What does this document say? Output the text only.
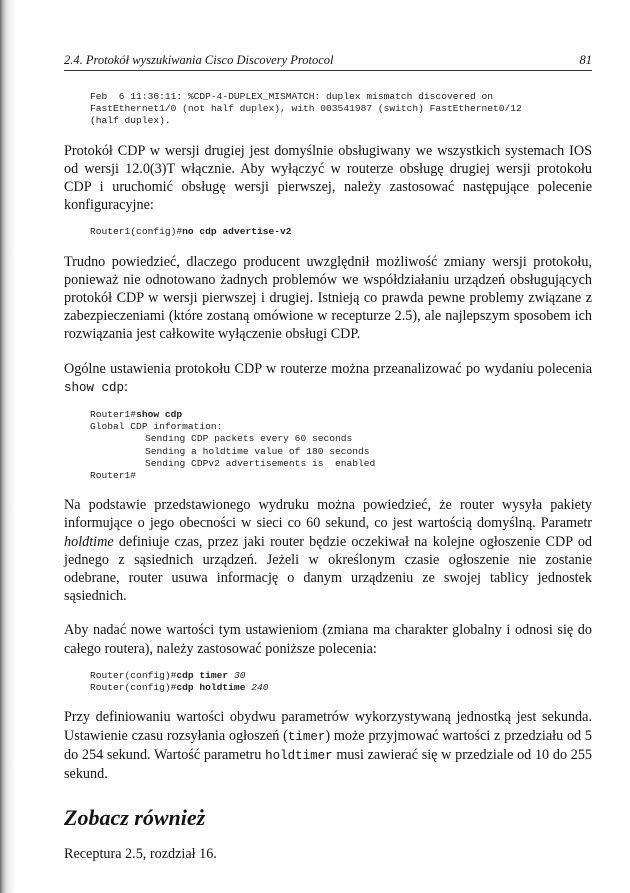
2.4. Protokół wyszukiwania Cisco Discovery Protocol	81
Feb  6 11:36:11: %CDP-4-DUPLEX_MISMATCH: duplex mismatch discovered on
FastEthernet1/0 (not half duplex), with 003541987 (switch) FastEthernet0/12
(half duplex).

Protokół CDP w wersji drugiej jest domyślnie obsługiwany we wszystkich systemach IOS od wersji 12.0(3)T włącznie. Aby wyłączyć w routerze obsługę drugiej wersji protokołu CDP i uruchomić obsługę wersji pierwszej, należy zastosować następujące polecenie konfiguracyjne:

Router1(config)#no cdp advertise-v2

Trudno powiedzieć, dlaczego producent uwzględnił możliwość zmiany wersji protokołu, ponieważ nie odnotowano żadnych problemów we współdziałaniu urządzeń obsługujących protokół CDP w wersji pierwszej i drugiej. Istnieją co prawda pewne problemy związane z zabezpieczeniami (które zostaną omówione w recepturze 2.5), ale najlepszym sposobem ich rozwiązania jest całkowite wyłączenie obsługi CDP.

Ogólne ustawienia protokołu CDP w routerze można przeanalizować po wydaniu polecenia show cdp:

Router1#show cdp
Global CDP information:
Sending CDP packets every 60 seconds
Sending a holdtime value of 180 seconds
Sending CDPv2 advertisements is  enabled
Router1#

Na podstawie przedstawionego wydruku można powiedzieć, że router wysyła pakiety informujące o jego obecności w sieci co 60 sekund, co jest wartością domyślną. Parametr holdtime definiuje czas, przez jaki router będzie oczekiwał na kolejne ogłoszenie CDP od jednego z sąsiednich urządzeń. Jeżeli w określonym czasie ogłoszenie nie zostanie odebrane, router usuwa informację o danym urządzeniu ze swojej tablicy jednostek sąsiednich.

Aby nadać nowe wartości tym ustawieniom (zmiana ma charakter globalny i odnosi się do całego routera), należy zastosować poniższe polecenia:

Router(config)#cdp timer 30
Router(config)#cdp holdtime 240

Przy definiowaniu wartości obydwu parametrów wykorzystywaną jednostką jest sekunda. Ustawienie czasu rozsyłania ogłoszeń (timer) może przyjmować wartości z przedziału od 5 do 254 sekund. Wartość parametru holdtimer musi zawierać się w przedziale od 10 do 255 sekund.

Zobacz również

Receptura 2.5, rozdział 16.
